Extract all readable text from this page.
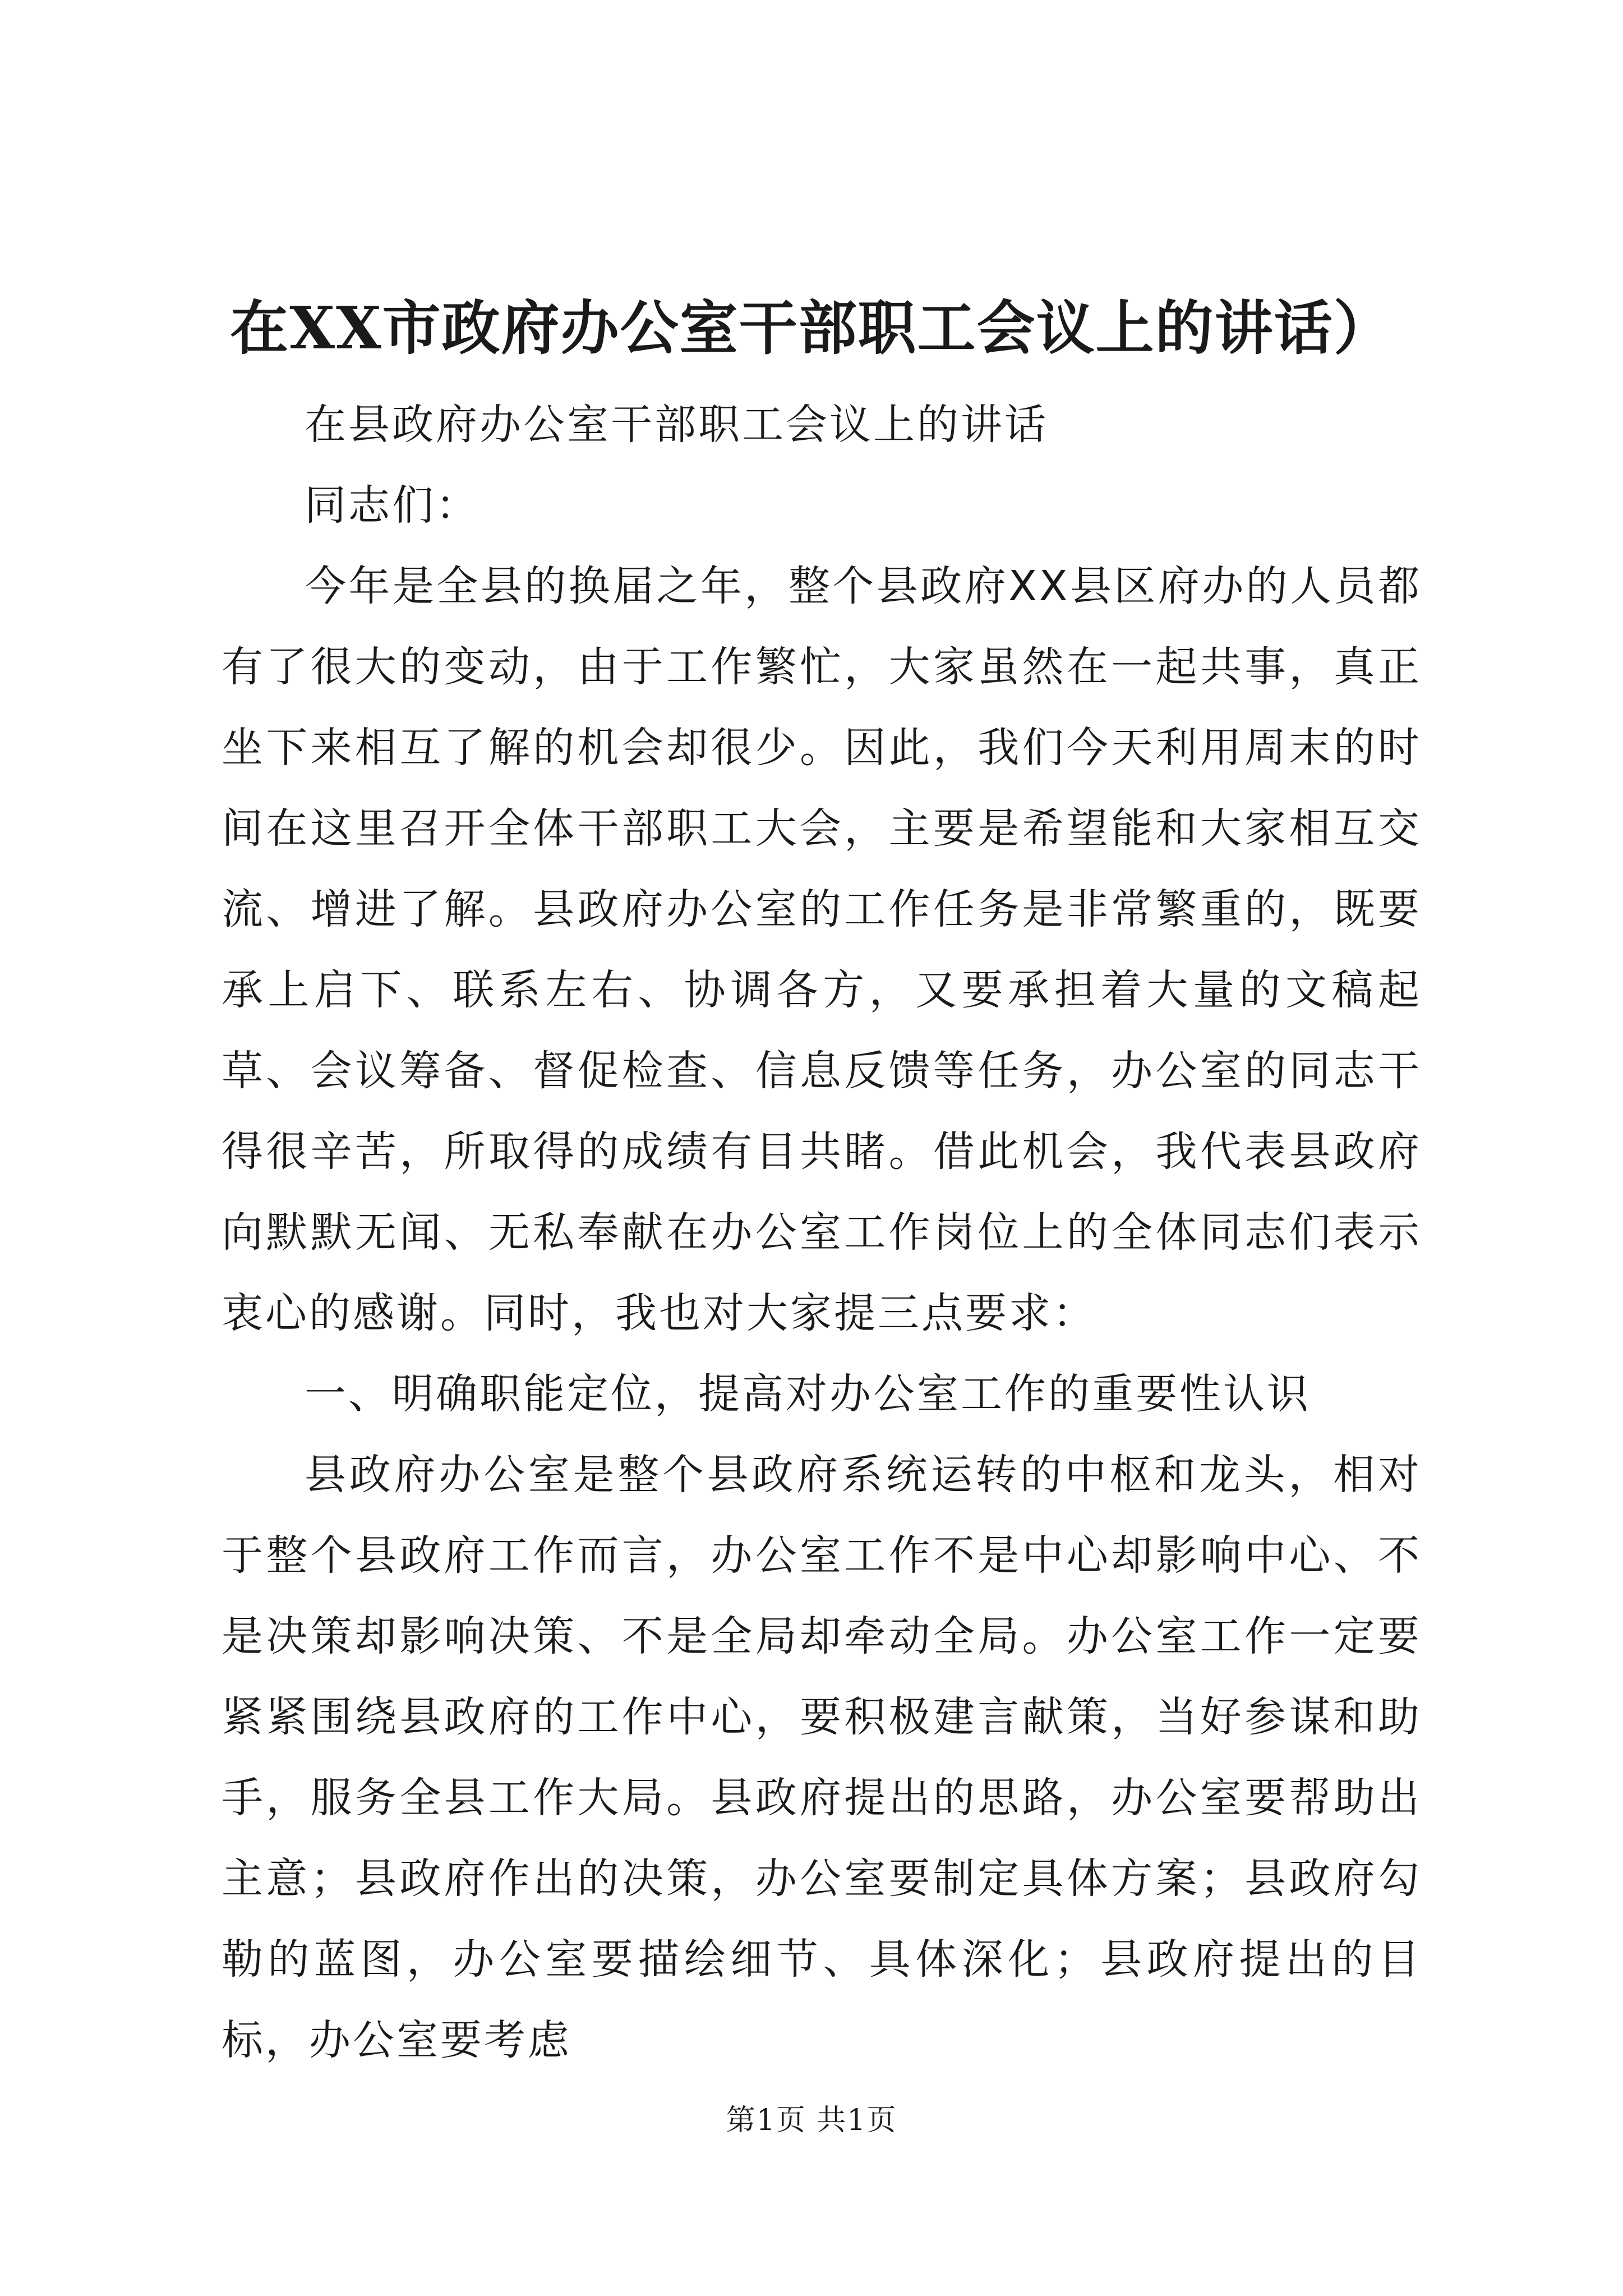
在XX市政府办公室干部职工会议上的讲话）

在县政府办公室干部职工会议上的讲话

同志们：

今年是全县的换届之年，整个县政府XX县区府办的人员都有了很大的变动，由于工作繁忙，大家虽然在一起共事，真正坐下来相互了解的机会却很少。因此，我们今天利用周末的时间在这里召开全体干部职工大会，主要是希望能和大家相互交流、增进了解。县政府办公室的工作任务是非常繁重的，既要承上启下、联系左右、协调各方，又要承担着大量的文稿起草、会议筹备、督促检查、信息反馈等任务，办公室的同志干得很辛苦，所取得的成绩有目共睹。借此机会，我代表县政府向默默无闻、无私奉献在办公室工作岗位上的全体同志们表示衷心的感谢。同时，我也对大家提三点要求：

一、明确职能定位，提高对办公室工作的重要性认识

县政府办公室是整个县政府系统运转的中枢和龙头，相对于整个县政府工作而言，办公室工作不是中心却影响中心、不是决策却影响决策、不是全局却牵动全局。办公室工作一定要紧紧围绕县政府的工作中心，要积极建言献策，当好参谋和助手，服务全县工作大局。县政府提出的思路，办公室要帮助出主意；县政府作出的决策，办公室要制定具体方案；县政府勾勒的蓝图，办公室要描绘细节、具体深化；县政府提出的目标，办公室要考虑

第1页 共1页
